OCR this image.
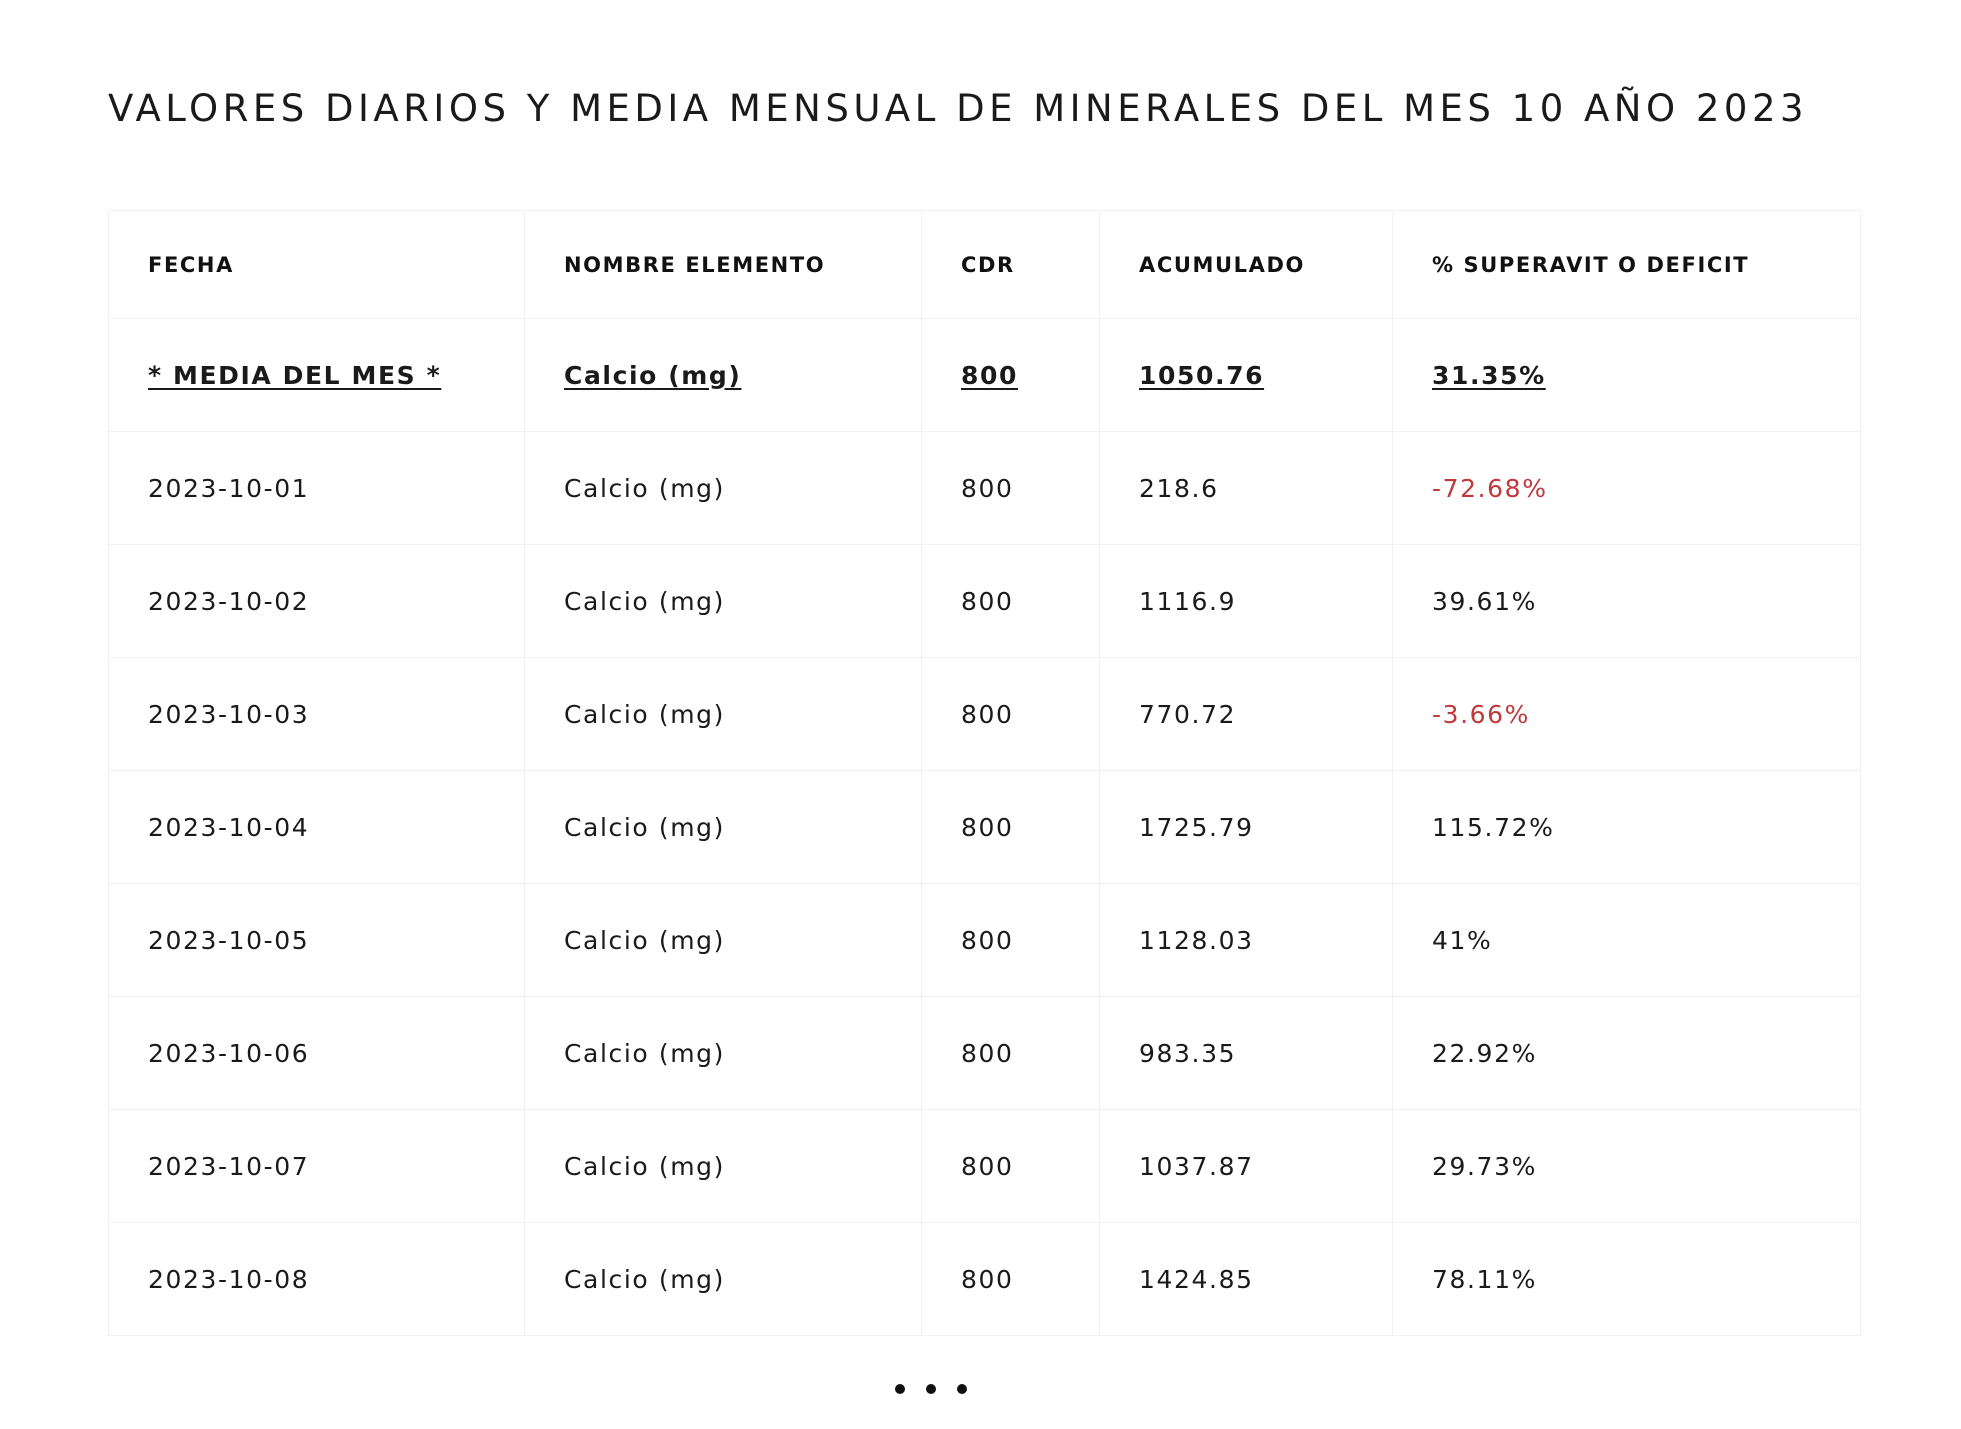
VALORES DIARIOS Y MEDIA MENSUAL DE MINERALES DEL MES 10 AÑO 2023
FECHA	NOMBRE ELEMENTO	CDR	ACUMULADO	% SUPERAVIT O DEFICIT
* MEDIA DEL MES *	Calcio (mg)	800	1050.76	31.35%
2023-10-01	Calcio (mg)	800	218.6	-72.68%
2023-10-02	Calcio (mg)	800	1116.9	39.61%
2023-10-03	Calcio (mg)	800	770.72	-3.66%
2023-10-04	Calcio (mg)	800	1725.79	115.72%
2023-10-05	Calcio (mg)	800	1128.03	41%
2023-10-06	Calcio (mg)	800	983.35	22.92%
2023-10-07	Calcio (mg)	800	1037.87	29.73%
2023-10-08	Calcio (mg)	800	1424.85	78.11%
